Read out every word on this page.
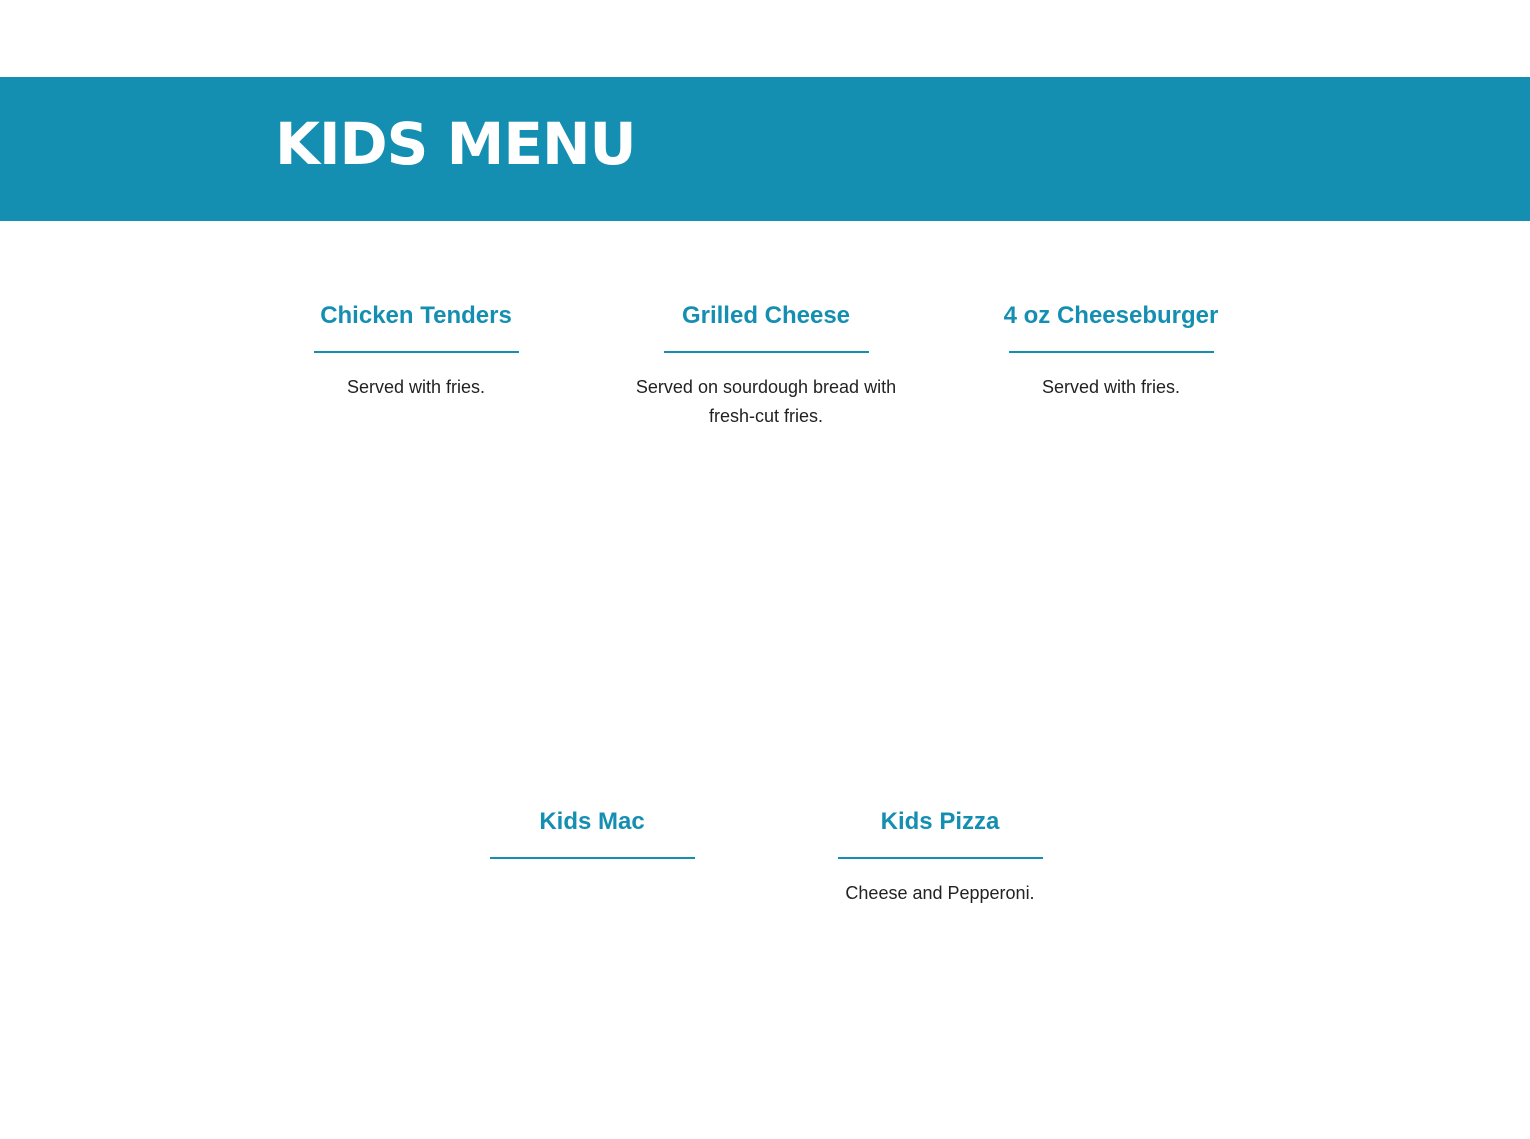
KIDS MENU
Chicken Tenders

Served with fries.

Grilled Cheese

Served on sourdough bread with fresh-cut fries.

4 oz Cheeseburger

Served with fries.

Kids Mac	Kids Pizza

Cheese and Pepperoni.
